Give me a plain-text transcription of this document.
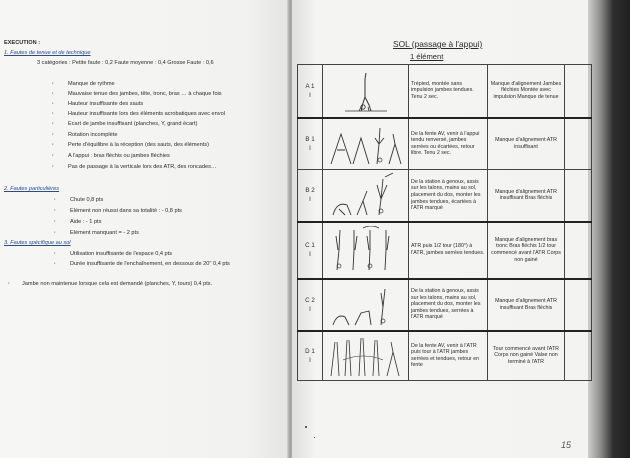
EXECUTION :
1. Fautes de tenue et de technique
3 catégories : Petite faute : 0,2 Faute moyenne : 0,4 Grosse Faute : 0,6
· Manque de rythme
· Mauvaise tenue des jambes, tête, tronc, bras … à chaque fois
· Hauteur insuffisante des sauts
· Hauteur insuffisante lors des éléments acrobatiques avec envol
· Ecart de jambe insuffisant (planches, Y, grand écart)
· Rotation incomplète
· Perte d'équilibre à la réception (des sauts, des éléments)
· A l'appui : bras fléchis ou jambes fléchies
· Pas de passage à la verticale lors des ATR, des roncades…
2. Fautes particulières
· Chute 0,8 pts
· Elément non réussi dans sa totalité : - 0,8 pts
· Aide : - 1 pts
· Elément manquant = - 2 pts
3. Fautes spécifique au sol
· Utilisation insuffisante de l'espace 0,4 pts
· Durée insuffisante de l'enchaînement, en dessous de 20'' 0,4 pts
Jambe non maintenue lorsque cela est demandé (planches, Y, tours) 0,4 pts.
·
SOL (passage à l'appui)
1 élément
A 1
I		Trépied, montée sans impulsion jambes tendues. Tenu 2 sec.	Manque d'alignement Jambes fléchies Montée avec impulsion Manque de tenue	
B 1
I		De la fente AV, venir à l'appui tendu renversé, jambes serrées ou écartées, retour libre. Tenu 2 sec.	Manque d'alignement ATR insuffisant	
B 2
I		De la station à genoux, assis sur les talons, mains au sol, placement du dos, monter les jambes tendues, écartées à l'ATR marqué	Manque d'alignement ATR insuffisant Bras fléchis	
C 1
I		ATR puis 1/2 tour (180°) à l'ATR, jambes serrées tendues.	Manque d'alignement bras tronc Bras fléchis 1/2 tour commencé avant l'ATR Corps non gainé	
C 2
I		De la station à genoux, assis sur les talons, mains au sol, placement du dos, monter les jambes tendues, serrées à l'ATR marqué	Manque d'alignement ATR insuffisant Bras fléchis	
D 1
I		De la fente AV, venir à l'ATR puis tour à l'ATR jambes serrées et tendues, retour en fente	Tour commencé avant l'ATR Corps non gainé Valse non terminé à l'ATR	
15
